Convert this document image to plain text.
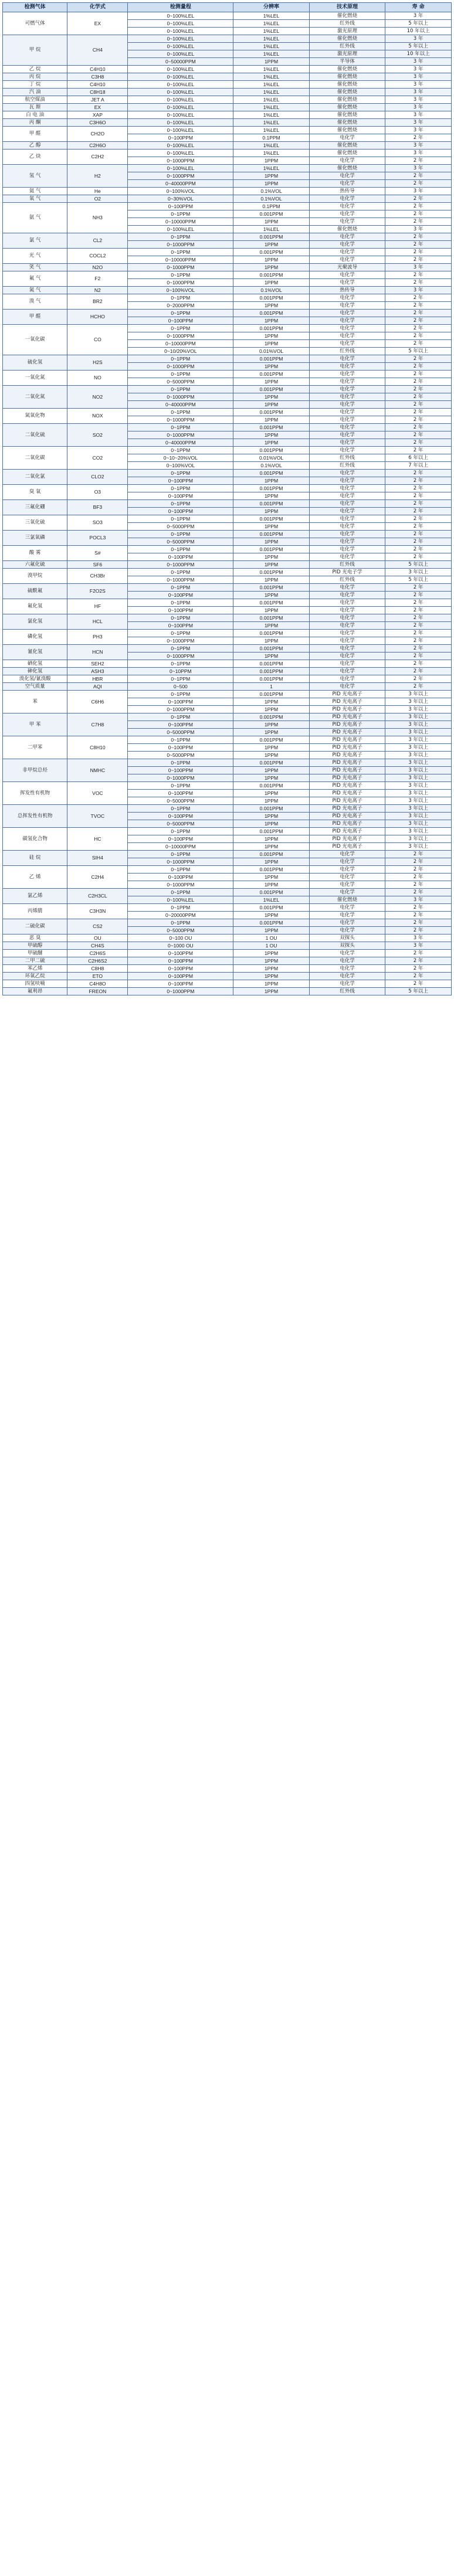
检测气体	化学式	检测量程	分辨率	技术原理	寿 命
可燃气体	EX	0~100%LEL	1%LEL	催化燃烧	3 年
		0~100%LEL	1%LEL	红外线	5 年以上
		0~100%LEL	1%LEL	激光原理	10 年以上
甲 烷	CH4	0~100%LEL	1%LEL	催化燃烧	3 年
		0~100%LEL	1%LEL	红外线	5 年以上
		0~100%LEL	1%LEL	激光原理	10 年以上
		0~50000PPM	1PPM	半导体	3 年
乙 烷	C4H10	0~100%LEL	1%LEL	催化燃烧	3 年
丙 烷	C3H8	0~100%LEL	1%LEL	催化燃烧	3 年
丁 烷	C4H10	0~100%LEL	1%LEL	催化燃烧	3 年
汽 油	C8H18	0~100%LEL	1%LEL	催化燃烧	3 年
航空煤油	JET A	0~100%LEL	1%LEL	催化燃烧	3 年
瓦 斯	EX	0~100%LEL	1%LEL	催化燃烧	3 年
白 电 油	XAP	0~100%LEL	1%LEL	催化燃烧	3 年
丙 酮	C3H6O	0~100%LEL	1%LEL	催化燃烧	3 年
甲 醛	CH2O	0~100%LEL	1%LEL	催化燃烧	3 年
		0~100PPM	0.1PPM	电化学	2 年
乙 醇	C2H6O	0~100%LEL	1%LEL	催化燃烧	3 年
乙 炔	C2H2	0~100%LEL	1%LEL	催化燃烧	3 年
		0~1000PPM	1PPM	电化学	2 年
氢 气	H2	0~100%LEL	1%LEL	催化燃烧	3 年
		0~1000PPM	1PPM	电化学	2 年
		0~40000PPM	1PPM	电化学	2 年
氦 气	He	0~100%VOL	0.1%VOL	热传导	3 年
氧 气	O2	0~30%VOL	0.1%VOL	电化学	2 年
氨 气	NH3	0~100PPM	0.1PPM	电化学	2 年
		0~1PPM	0.001PPM	电化学	2 年
		0~10000PPM	1PPM	电化学	2 年
		0~100%LEL	1%LEL	催化燃烧	3 年
氯 气	CL2	0~1PPM	0.001PPM	电化学	2 年
		0~1000PPM	1PPM	电化学	2 年
光 气	COCL2	0~1PPM	0.001PPM	电化学	2 年
		0~10000PPM	1PPM	电化学	2 年
笑 气	N2O	0~1000PPM	1PPM	光聚波导	3 年
氟 气	F2	0~1PPM	0.001PPM	电化学	2 年
		0~1000PPM	1PPM	电化学	2 年
氮 气	N2	0~100%VOL	0.1%VOL	热传导	3 年
溴 气	BR2	0~1PPM	0.001PPM	电化学	2 年
		0~2000PPM	1PPM	电化学	2 年
甲 醛	HCHO	0~1PPM	0.001PPM	电化学	2 年
		0~100PPM	1PPM	电化学	2 年
一氧化碳	CO	0~1PPM	0.001PPM	电化学	2 年
		0~1000PPM	1PPM	电化学	2 年
		0~10000PPM	1PPM	电化学	2 年
		0~10/20%VOL	0.01%VOL	红外线	5 年以上
硫化氢	H2S	0~1PPM	0.001PPM	电化学	2 年
		0~1000PPM	1PPM	电化学	2 年
一氧化氮	NO	0~1PPM	0.001PPM	电化学	2 年
		0~5000PPM	1PPM	电化学	2 年
二氧化氮	NO2	0~1PPM	0.001PPM	电化学	2 年
		0~1000PPM	1PPM	电化学	2 年
		0~40000PPM	1PPM	电化学	2 年
氮氧化物	NOX	0~1PPM	0.001PPM	电化学	2 年
		0~1000PPM	1PPM	电化学	2 年
二氧化硫	SO2	0~1PPM	0.001PPM	电化学	2 年
		0~1000PPM	1PPM	电化学	2 年
		0~40000PPM	1PPM	电化学	2 年
二氧化碳	CO2	0~1PPM	0.001PPM	电化学	2 年
		0~10~20%VOL	0.01%VOL	红外线	6 年以上
		0~100%VOL	0.1%VOL	红外线	7 年以上
二氧化氯	CLO2	0~1PPM	0.001PPM	电化学	2 年
		0~100PPM	1PPM	电化学	2 年
臭 氧	O3	0~1PPM	0.001PPM	电化学	2 年
		0~100PPM	1PPM	电化学	2 年
三氟化硼	BF3	0~1PPM	0.001PPM	电化学	2 年
		0~100PPM	1PPM	电化学	2 年
三氧化硫	SO3	0~1PPM	0.001PPM	电化学	2 年
		0~5000PPM	1PPM	电化学	2 年
三氯氧磷	POCL3	0~1PPM	0.001PPM	电化学	2 年
		0~5000PPM	1PPM	电化学	2 年
酸 雾	S#	0~1PPM	0.001PPM	电化学	2 年
		0~100PPM	1PPM	电化学	2 年
六氟化硫	SF6	0~1000PPM	1PPM	红外线	5 年以上
溴甲烷	CH3Br	0~1PPM	0.001PPM	PID 光电子学	3 年以上
		0~1000PPM	1PPM	红外线	5 年以上
硫酰氟	F2O2S	0~1PPM	0.001PPM	电化学	2 年
		0~100PPM	1PPM	电化学	2 年
氟化氢	HF	0~1PPM	0.001PPM	电化学	2 年
		0~100PPM	1PPM	电化学	2 年
氯化氢	HCL	0~1PPM	0.001PPM	电化学	2 年
		0~100PPM	1PPM	电化学	2 年
磷化氢	PH3	0~1PPM	0.001PPM	电化学	2 年
		0~1000PPM	1PPM	电化学	2 年
氰化氢	HCN	0~1PPM	0.001PPM	电化学	2 年
		0~1000PPM	1PPM	电化学	2 年
硒化氢	SEH2	0~1PPM	0.001PPM	电化学	2 年
砷化氢	ASH3	0~10PPM	0.001PPM	电化学	2 年
溴化氢/氰溴酸	HBR	0~1PPM	0.001PPM	电化学	2 年
空气质量	AQI	0~500	1	电化学	2 年
苯	C6H6	0~1PPM	0.001PPM	PID 光电离子	3 年以上
		0~100PPM	1PPM	PID 光电离子	3 年以上
		0~1000PPM	1PPM	PID 光电离子	3 年以上
甲 苯	C7H8	0~1PPM	0.001PPM	PID 光电离子	3 年以上
		0~100PPM	1PPM	PID 光电离子	3 年以上
		0~5000PPM	1PPM	PID 光电离子	3 年以上
二甲苯	C8H10	0~1PPM	0.001PPM	PID 光电离子	3 年以上
		0~100PPM	1PPM	PID 光电离子	3 年以上
		0~5000PPM	1PPM	PID 光电离子	3 年以上
非甲烷总烃	NMHC	0~1PPM	0.001PPM	PID 光电离子	3 年以上
		0~100PPM	1PPM	PID 光电离子	3 年以上
		0~1000PPM	1PPM	PID 光电离子	3 年以上
挥发性有机物	VOC	0~1PPM	0.001PPM	PID 光电离子	3 年以上
		0~100PPM	1PPM	PID 光电离子	3 年以上
		0~5000PPM	1PPM	PID 光电离子	3 年以上
总挥发性有机物	TVOC	0~1PPM	0.001PPM	PID 光电离子	3 年以上
		0~100PPM	1PPM	PID 光电离子	3 年以上
		0~5000PPM	1PPM	PID 光电离子	3 年以上
碳氢化合物	HC	0~1PPM	0.001PPM	PID 光电离子	3 年以上
		0~100PPM	1PPM	PID 光电离子	3 年以上
		0~10000PPM	1PPM	PID 光电离子	3 年以上
硅 烷	SIH4	0~1PPM	0.001PPM	电化学	2 年
		0~1000PPM	1PPM	电化学	2 年
乙 烯	C2H4	0~1PPM	0.001PPM	电化学	2 年
		0~100PPM	1PPM	电化学	2 年
		0~1000PPM	1PPM	电化学	2 年
氯乙烯	C2H3CL	0~1PPM	0.001PPM	电化学	2 年
		0~100%LEL	1%LEL	催化燃烧	3 年
丙烯腈	C3H3N	0~1PPM	0.001PPM	电化学	2 年
		0~20000PPM	1PPM	电化学	2 年
二硫化碳	CS2	0~1PPM	0.001PPM	电化学	2 年
		0~5000PPM	1PPM	电化学	2 年
恶 臭	OU	0~100 OU	1 OU	双探头	3 年
甲硫醇	CH4S	0~1000 OU	1 OU	双探头	3 年
甲硫醚	C2H6S	0~100PPM	1PPM	电化学	2 年
二甲二硫	C2H6S2	0~100PPM	1PPM	电化学	2 年
苯乙烯	C8H8	0~100PPM	1PPM	电化学	2 年
环氧乙烷	ETO	0~100PPM	1PPM	电化学	2 年
四氢呋喃	C4H8O	0~100PPM	1PPM	电化学	2 年
氟利昂	FREON	0~1000PPM	1PPM	红外线	5 年以上
